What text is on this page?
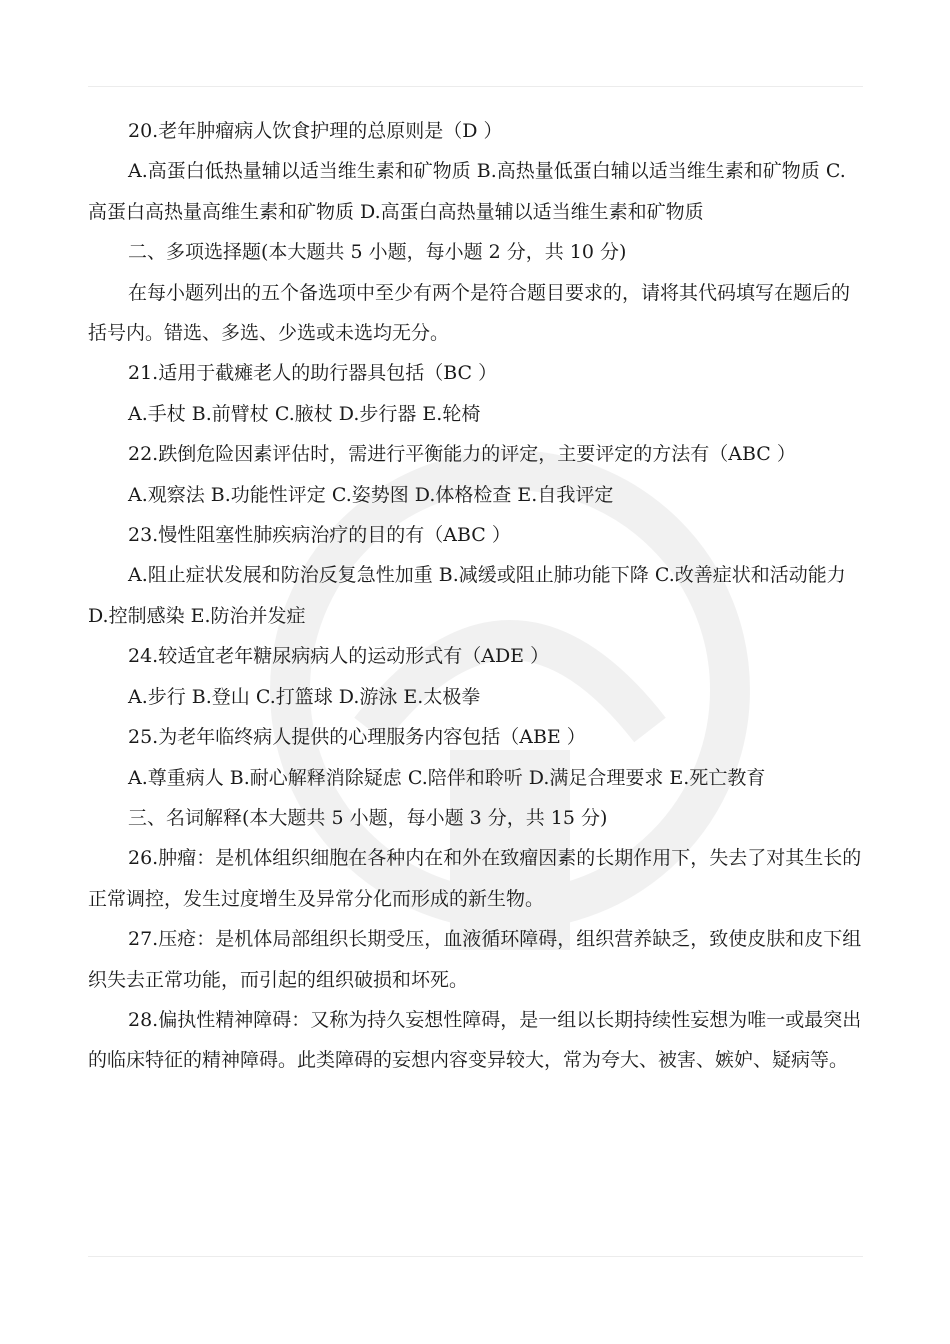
20.老年肿瘤病人饮食护理的总原则是（D ）

A.高蛋白低热量辅以适当维生素和矿物质 B.高热量低蛋白辅以适当维生素和矿物质 C.高蛋白高热量高维生素和矿物质 D.高蛋白高热量辅以适当维生素和矿物质

二、多项选择题(本大题共 5 小题，每小题 2 分，共 10 分)

在每小题列出的五个备选项中至少有两个是符合题目要求的，请将其代码填写在题后的括号内。错选、多选、少选或未选均无分。

21.适用于截瘫老人的助行器具包括（BC ）

A.手杖 B.前臂杖 C.腋杖 D.步行器 E.轮椅

22.跌倒危险因素评估时，需进行平衡能力的评定，主要评定的方法有（ABC ）

A.观察法 B.功能性评定 C.姿势图 D.体格检查 E.自我评定

23.慢性阻塞性肺疾病治疗的目的有（ABC ）

A.阻止症状发展和防治反复急性加重 B.减缓或阻止肺功能下降 C.改善症状和活动能力 D.控制感染 E.防治并发症

24.较适宜老年糖尿病病人的运动形式有（ADE ）

A.步行 B.登山 C.打篮球 D.游泳 E.太极拳

25.为老年临终病人提供的心理服务内容包括（ABE ）

A.尊重病人 B.耐心解释消除疑虑 C.陪伴和聆听 D.满足合理要求 E.死亡教育

三、名词解释(本大题共 5 小题，每小题 3 分，共 15 分)

26.肿瘤：是机体组织细胞在各种内在和外在致瘤因素的长期作用下，失去了对其生长的正常调控，发生过度增生及异常分化而形成的新生物。

27.压疮：是机体局部组织长期受压，血液循环障碍，组织营养缺乏，致使皮肤和皮下组织失去正常功能，而引起的组织破损和坏死。

28.偏执性精神障碍：又称为持久妄想性障碍，是一组以长期持续性妄想为唯一或最突出的临床特征的精神障碍。此类障碍的妄想内容变异较大，常为夸大、被害、嫉妒、疑病等。
